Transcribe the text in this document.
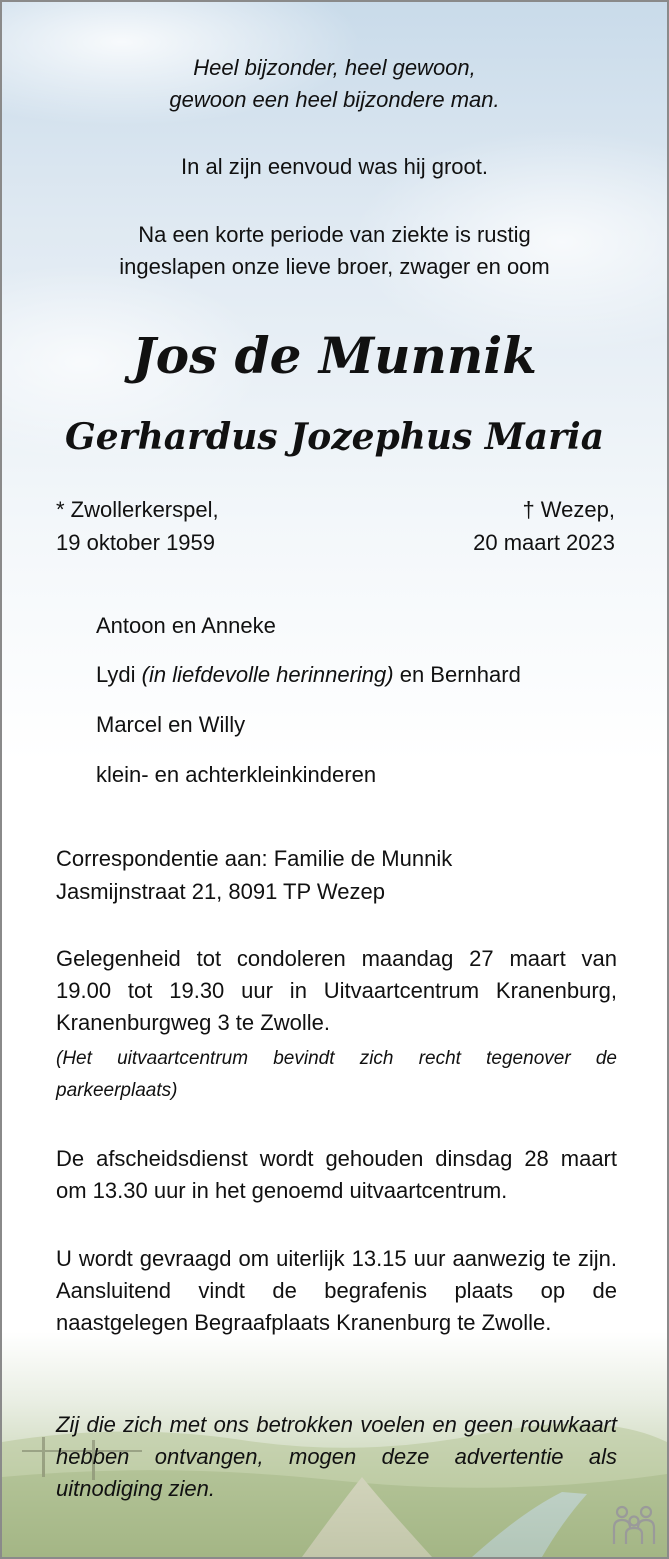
Heel bijzonder, heel gewoon,

gewoon een heel bijzondere man.

In al zijn eenvoud was hij groot.

Na een korte periode van ziekte is rustig

ingeslapen onze lieve broer, zwager en oom

Jos de Munnik
Gerhardus Jozephus Maria

* Zwollerkerspel,

19 oktober 1959

† Wezep,

20 maart 2023

Antoon en Anneke
Lydi (in liefdevolle herinnering) en Bernhard
Marcel en Willy
klein- en achterkleinkinderen

Correspondentie aan: Familie de Munnik

Jasmijnstraat 21, 8091 TP Wezep

Gelegenheid tot condoleren maandag 27 maart van 19.00 tot 19.30 uur in Uitvaartcentrum Kranenburg, Kranenburgweg 3 te Zwolle.

(Het uitvaartcentrum bevindt zich recht tegenover de parkeerplaats)

De afscheidsdienst wordt gehouden dinsdag 28 maart om 13.30 uur in het genoemd uitvaartcentrum.

U wordt gevraagd om uiterlijk 13.15 uur aanwezig te zijn. Aansluitend vindt de begrafenis plaats op de naastgelegen Begraafplaats Kranenburg te Zwolle.

Zij die zich met ons betrokken voelen en geen rouwkaart hebben ontvangen, mogen deze advertentie als uitnodiging zien.
